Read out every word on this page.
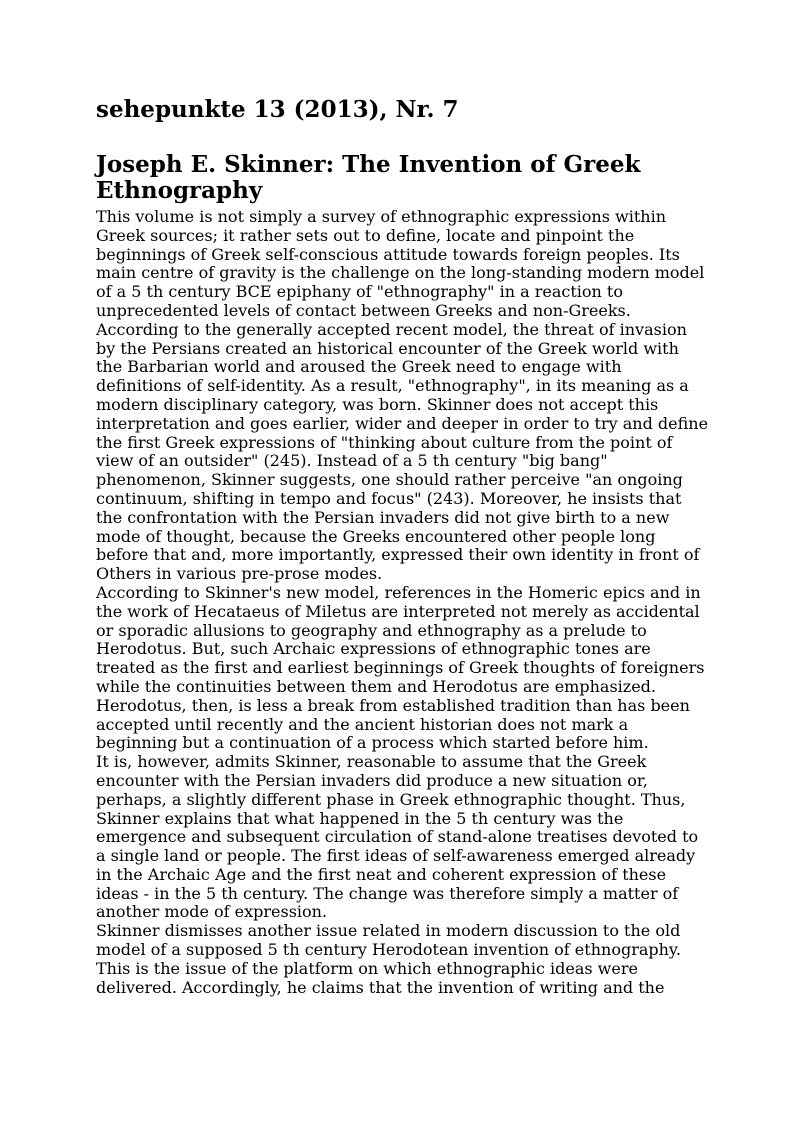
sehepunkte 13 (2013), Nr. 7
Joseph E. Skinner: The Invention of Greek Ethnography

This volume is not simply a survey of ethnographic expressions within Greek sources; it rather sets out to define, locate and pinpoint the beginnings of Greek self-conscious attitude towards foreign peoples. Its main centre of gravity is the challenge on the long-standing modern model of a 5 th century BCE epiphany of "ethnography" in a reaction to unprecedented levels of contact between Greeks and non-Greeks.

According to the generally accepted recent model, the threat of invasion by the Persians created an historical encounter of the Greek world with the Barbarian world and aroused the Greek need to engage with definitions of self-identity. As a result, "ethnography", in its meaning as a modern disciplinary category, was born. Skinner does not accept this interpretation and goes earlier, wider and deeper in order to try and define the first Greek expressions of "thinking about culture from the point of view of an outsider" (245). Instead of a 5 th century "big bang" phenomenon, Skinner suggests, one should rather perceive "an ongoing continuum, shifting in tempo and focus" (243). Moreover, he insists that the confrontation with the Persian invaders did not give birth to a new mode of thought, because the Greeks encountered other people long before that and, more importantly, expressed their own identity in front of Others in various pre-prose modes.

According to Skinner's new model, references in the Homeric epics and in the work of Hecataeus of Miletus are interpreted not merely as accidental or sporadic allusions to geography and ethnography as a prelude to Herodotus. But, such Archaic expressions of ethnographic tones are treated as the first and earliest beginnings of Greek thoughts of foreigners while the continuities between them and Herodotus are emphasized. Herodotus, then, is less a break from established tradition than has been accepted until recently and the ancient historian does not mark a beginning but a continuation of a process which started before him.

It is, however, admits Skinner, reasonable to assume that the Greek encounter with the Persian invaders did produce a new situation or, perhaps, a slightly different phase in Greek ethnographic thought. Thus, Skinner explains that what happened in the 5 th century was the emergence and subsequent circulation of stand-alone treatises devoted to a single land or people. The first ideas of self-awareness emerged already in the Archaic Age and the first neat and coherent expression of these ideas - in the 5 th century. The change was therefore simply a matter of another mode of expression.

Skinner dismisses another issue related in modern discussion to the old model of a supposed 5 th century Herodotean invention of ethnography. This is the issue of the platform on which ethnographic ideas were delivered. Accordingly, he claims that the invention of writing and the
